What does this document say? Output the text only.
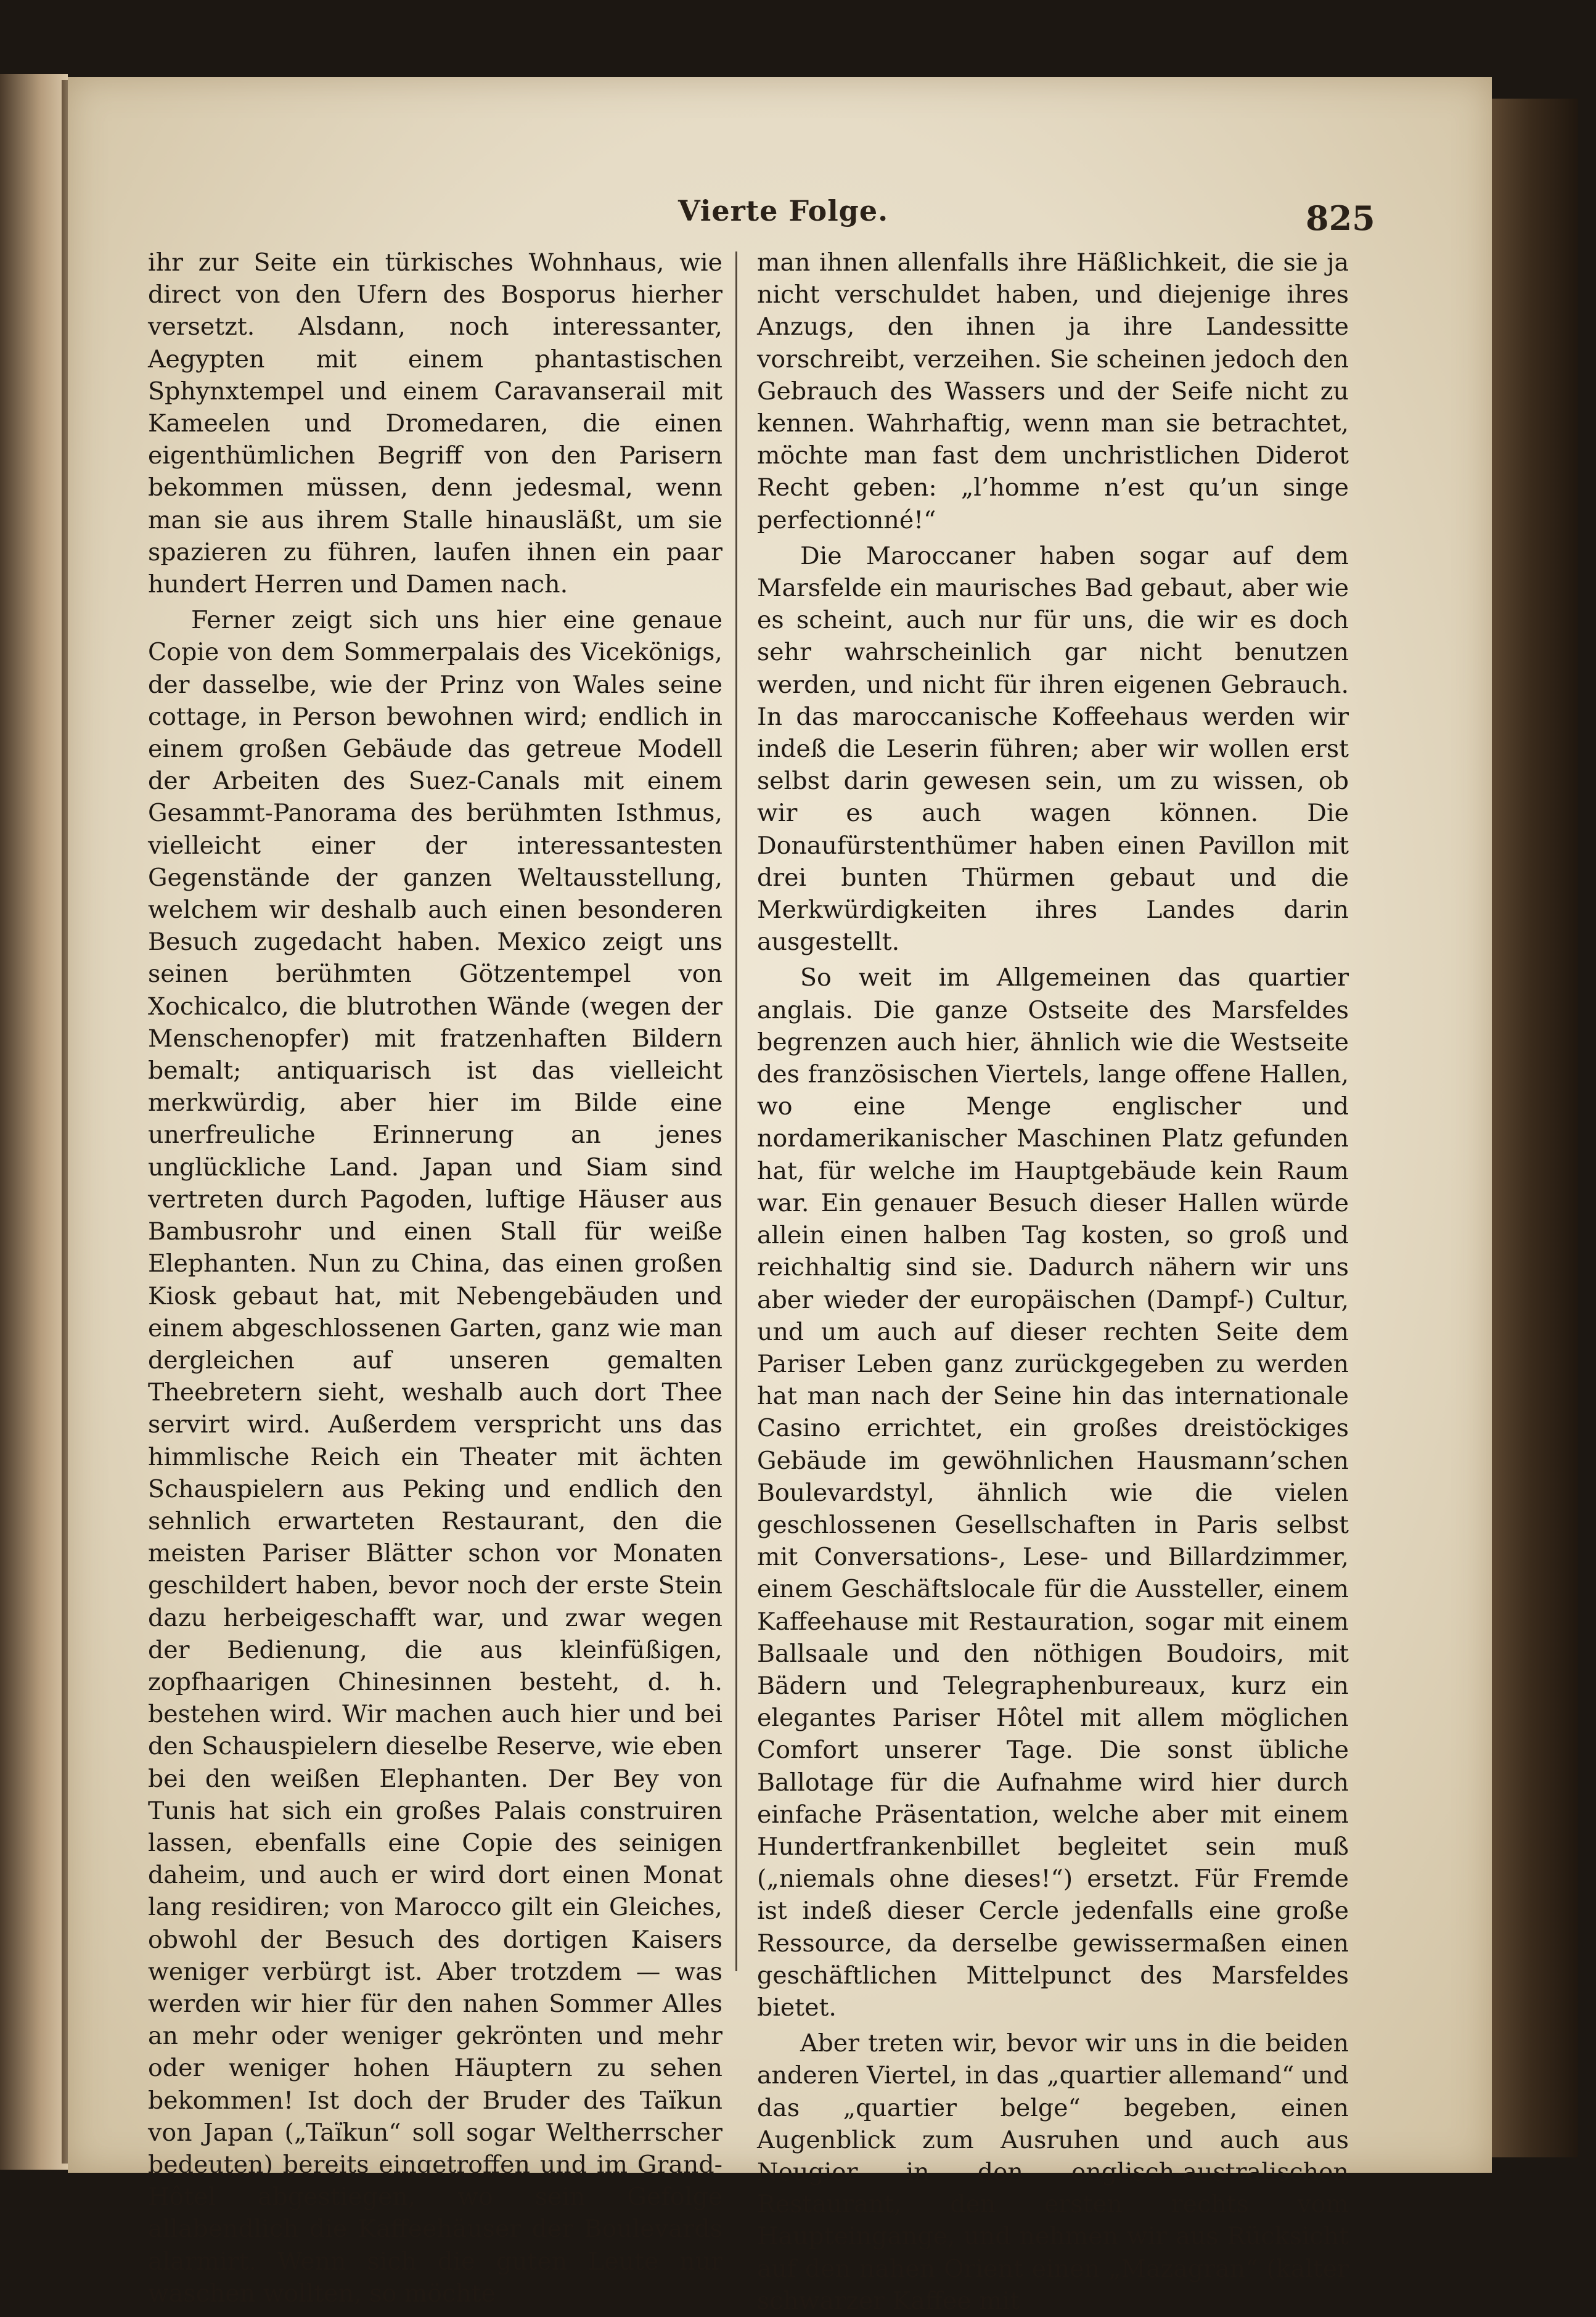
Vierte Folge.	825

ihr zur Seite ein türkisches Wohnhaus, wie direct von den Ufern des Bosporus hierher versetzt. Alsdann, noch interessanter, Aegypten mit einem phantastischen Sphynxtempel und einem Caravanserail mit Kameelen und Dromedaren, die einen eigenthümlichen Begriff von den Parisern bekommen müssen, denn jedesmal, wenn man sie aus ihrem Stalle hinausläßt, um sie spazieren zu führen, laufen ihnen ein paar hundert Herren und Damen nach.

Ferner zeigt sich uns hier eine genaue Copie von dem Sommerpalais des Vicekönigs, der dasselbe, wie der Prinz von Wales seine cottage, in Person bewohnen wird; endlich in einem großen Gebäude das getreue Modell der Arbeiten des Suez-Canals mit einem Gesammt-Panorama des berühmten Isthmus, vielleicht einer der interessantesten Gegenstände der ganzen Weltausstellung, welchem wir deshalb auch einen besonderen Besuch zugedacht haben. Mexico zeigt uns seinen berühmten Götzentempel von Xochicalco, die blutrothen Wände (wegen der Menschenopfer) mit fratzenhaften Bildern bemalt; antiquarisch ist das vielleicht merkwürdig, aber hier im Bilde eine unerfreuliche Erinnerung an jenes unglückliche Land. Japan und Siam sind vertreten durch Pagoden, luftige Häuser aus Bambusrohr und einen Stall für weiße Elephanten. Nun zu China, das einen großen Kiosk gebaut hat, mit Nebengebäuden und einem abgeschlossenen Garten, ganz wie man dergleichen auf unseren gemalten Theebretern sieht, weshalb auch dort Thee servirt wird. Außerdem verspricht uns das himmlische Reich ein Theater mit ächten Schauspielern aus Peking und endlich den sehnlich erwarteten Restaurant, den die meisten Pariser Blätter schon vor Monaten geschildert haben, bevor noch der erste Stein dazu herbeigeschafft war, und zwar wegen der Bedienung, die aus kleinfüßigen, zopfhaarigen Chinesinnen besteht, d. h. bestehen wird. Wir machen auch hier und bei den Schauspielern dieselbe Reserve, wie eben bei den weißen Elephanten. Der Bey von Tunis hat sich ein großes Palais construiren lassen, ebenfalls eine Copie des seinigen daheim, und auch er wird dort einen Monat lang residiren; von Marocco gilt ein Gleiches, obwohl der Besuch des dortigen Kaisers weniger verbürgt ist. Aber trotzdem — was werden wir hier für den nahen Sommer Alles an mehr oder weniger gekrönten und mehr oder weniger hohen Häuptern zu sehen bekommen! Ist doch der Bruder des Taïkun von Japan („Taïkun“ soll sogar Weltherrscher bedeuten) bereits eingetroffen und im Grand-Hôtel abgestiegen, wo sein Gefolge allabendlich die Kaffeehäuser der Boulevards alarmirt. Wenn sich die guten Leute nur waschen wollten, so möchte

man ihnen allenfalls ihre Häßlichkeit, die sie ja nicht verschuldet haben, und diejenige ihres Anzugs, den ihnen ja ihre Landessitte vorschreibt, verzeihen. Sie scheinen jedoch den Gebrauch des Wassers und der Seife nicht zu kennen. Wahrhaftig, wenn man sie betrachtet, möchte man fast dem unchristlichen Diderot Recht geben: „l’homme n’est qu’un singe perfectionné!“

Die Maroccaner haben sogar auf dem Marsfelde ein maurisches Bad gebaut, aber wie es scheint, auch nur für uns, die wir es doch sehr wahrscheinlich gar nicht benutzen werden, und nicht für ihren eigenen Gebrauch. In das maroccanische Koffeehaus werden wir indeß die Leserin führen; aber wir wollen erst selbst darin gewesen sein, um zu wissen, ob wir es auch wagen können. Die Donaufürstenthümer haben einen Pavillon mit drei bunten Thürmen gebaut und die Merkwürdigkeiten ihres Landes darin ausgestellt.

So weit im Allgemeinen das quartier anglais. Die ganze Ostseite des Marsfeldes begrenzen auch hier, ähnlich wie die Westseite des französischen Viertels, lange offene Hallen, wo eine Menge englischer und nordamerikanischer Maschinen Platz gefunden hat, für welche im Hauptgebäude kein Raum war. Ein genauer Besuch dieser Hallen würde allein einen halben Tag kosten, so groß und reichhaltig sind sie. Dadurch nähern wir uns aber wieder der europäischen (Dampf-) Cultur, und um auch auf dieser rechten Seite dem Pariser Leben ganz zurückgegeben zu werden hat man nach der Seine hin das internationale Casino errichtet, ein großes dreistöckiges Gebäude im gewöhnlichen Hausmann’schen Boulevardstyl, ähnlich wie die vielen geschlossenen Gesellschaften in Paris selbst mit Conversations-, Lese- und Billardzimmer, einem Geschäftslocale für die Aussteller, einem Kaffeehause mit Restauration, sogar mit einem Ballsaale und den nöthigen Boudoirs, mit Bädern und Telegraphenbureaux, kurz ein elegantes Pariser Hôtel mit allem möglichen Comfort unserer Tage. Die sonst übliche Ballotage für die Aufnahme wird hier durch einfache Präsentation, welche aber mit einem Hundertfrankenbillet begleitet sein muß („niemals ohne dieses!“) ersetzt. Für Fremde ist indeß dieser Cercle jedenfalls eine große Ressource, da derselbe gewissermaßen einen geschäftlichen Mittelpunct des Marsfeldes bietet.

Aber treten wir, bevor wir uns in die beiden anderen Viertel, in das „quartier allemand“ und das „quartier belge“ begeben, einen Augenblick zum Ausruhen und auch aus Neugier in den englisch-australischen Restaurant, den ersten rechts vom Haupteingange, und nehmen wir aus Rücksicht auf den nahen Orient einen „Mazagran“ (kalter schwarzer Kaffee mit
